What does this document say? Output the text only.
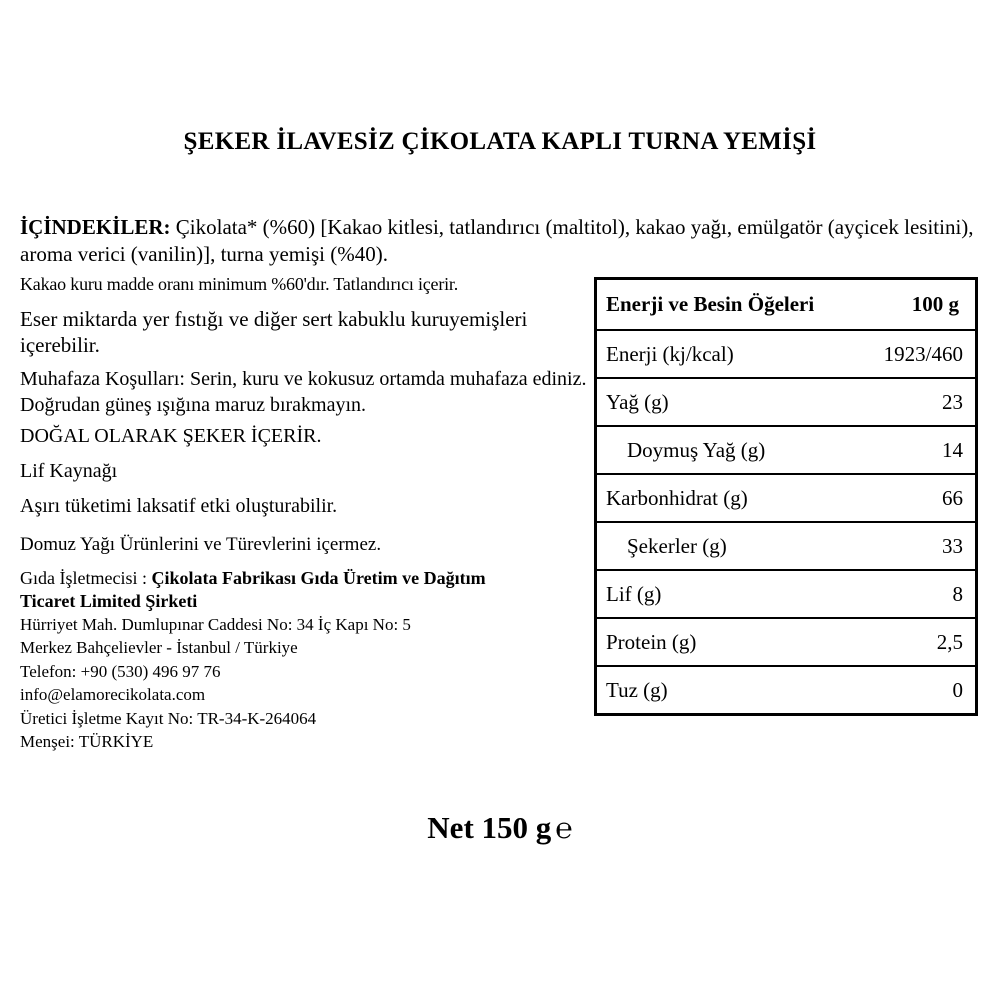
ŞEKER İLAVESİZ ÇİKOLATA KAPLI TURNA YEMİŞİ
İÇİNDEKİLER: Çikolata* (%60) [Kakao kitlesi, tatlandırıcı (maltitol), kakao yağı, emülgatör (ayçicek lesitini), aroma verici (vanilin)], turna yemişi (%40).

Kakao kuru madde oranı minimum %60'dır. Tatlandırıcı içerir.

Eser miktarda yer fıstığı ve diğer sert kabuklu kuruyemişleri içerebilir.

Muhafaza Koşulları: Serin, kuru ve kokusuz ortamda muhafaza ediniz. Doğrudan güneş ışığına maruz bırakmayın.

DOĞAL OLARAK ŞEKER İÇERİR.

Lif Kaynağı

Aşırı tüketimi laksatif etki oluşturabilir.

Domuz Yağı Ürünlerini ve Türevlerini içermez.

Gıda İşletmecisi : Çikolata Fabrikası Gıda Üretim ve Dağıtım Ticaret Limited Şirketi

Hürriyet Mah. Dumlupınar Caddesi No: 34 İç Kapı No: 5
Merkez Bahçelievler - İstanbul / Türkiye
Telefon: +90 (530) 496 97 76
info@elamorecikolata.com
Üretici İşletme Kayıt No: TR-34-K-264064
Menşei: TÜRKİYE
Enerji ve Besin Öğeleri	100 g
Enerji (kj/kcal)	1923/460
Yağ (g)	23
Doymuş Yağ (g)	14
Karbonhidrat (g)	66
Şekerler (g)	33
Lif (g)	8
Protein (g)	2,5
Tuz (g)	0
Net 150 g ℮
